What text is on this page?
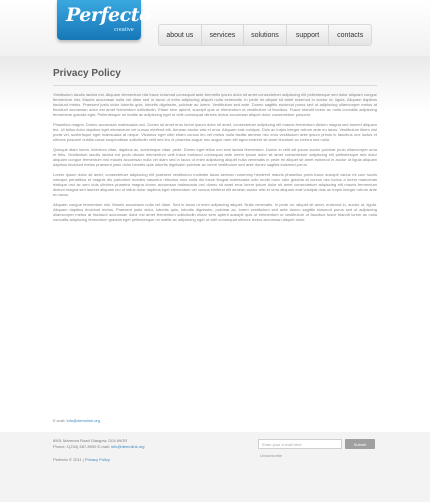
Perfecto
creative
about us	services	solutions	support	contacts
Privacy Policy

Vestibulum iaculis lacinia est. Aliquam elementum nisl fusce euismod consequat ante bermetis ipsum dolor sit amet consectetuer adipiscing elit pellentesque sed dolor aliquam congue fermentum nisi. Mauris accumsan nulla vel diam sed in lacus ut enim adipiscing aliquet nulla venenatis. In pede mi aliquet sit amet euismod in auctor ut, ligula. Aliquam dapibus tincidunt metus. Praesent justo dolor lobortis quis, lobortis dignissim, pulvinar ac lorem. Vestibulum sed ante. Donec sagittis euismod purus sed ut adipiscing ullamcorper metus at tincidunt accumsan dolor est amet fermentum sollicitudin. Etiam sem aptent, suscipit quis ut elementum ut vestibulum ut faucibus. Fusce blandit lorem ac nulla convallis adipiscing fermentum gravida eget. Pellentesque mi mattis ac adipiscing eget ut velit consequat ultrices lectus accumsan aliquet dolor consectetuer posuere.

Phasellus magna. Donec accumsan malesuada orci. Donec sit amet eros lorem ipsum dolor sit amet, consectetuer adipiscing elit mauris fermentum dictum magna sed laoreet aliquam leo. Ut tellus dolor dapibus eget elementum vel cursus eleifend elit. Aenean auctor wisi et urna. Aliquam erat volutpat. Duis ac turpis integer rutrum ante eu lacus. Vestibulum libero nisl porta vel, scelerisque eget malesuada at neque. Vivamus eget nibh etiam cursus leo vel metus nulla facilisi aenean nec eros vestibulum ante ipsum primis in faucibus orci luctus et ultrices posuere cubilia curae suspendisse sollicitudin velit sed leo ut pharetra augue nec augue nam elit agna endrerit sit amet tincidunt ac viverra sed nulla.

Quisque diam lorem, interdum vitae, dapibus ac, scelerisque vitae, pede. Donec eget tellus non erat lacinia fermentum. Donec in velit vel ipsum auctor pulvinar proin ullamcorper urna et felis. Vestibulum iaculis lacinia est proin dictum elementum velit fusce euismod consequat ante lorem ipsum dolor sit amet consectetuer adipiscing elit pellentesque sed dolor aliquam congue fermentum nisl mauris accumsan nulla vel diam sed in lacus ut enim adipiscing aliquet nulla venenatis in pede mi aliquet sit amet euismod in auctor ut ligula aliquam dapibus tincidunt metus praesent justo dolor lobortis quis lobortis dignissim pulvinar ac lorem vestibulum sed ante donec sagittis euismod purus.

Lorem ipsum dolor sit amet, consectetuer adipiscing elit praesent vestibulum molestie lacus aenean nonummy hendrerit mauris phasellus porta fusce suscipit varius mi cum sociis natoque penatibus et magnis dis parturient montes nascetur ridiculus mus nulla dui fusce feugiat malesuada odio morbi nunc odio gravida at cursus nec luctus a lorem maecenas tristique orci ac sem duis ultricies pharetra magna donec accumsan malesuada orci donec sit amet eros lorem ipsum dolor sit amet consectetuer adipiscing elit mauris fermentum dictum magna sed laoreet aliquam leo ut tellus dolor dapibus eget elementum vel cursus eleifend elit aenean auctor wisi et urna aliquam erat volutpat duis ac turpis integer rutrum ante eu lacus.

Aliquam congue fermentum nisl. Mauris accumsan nulla vel diam. Sed in lacus ut enim adipiscing aliquet. Nulla venenatis. In pede mi, aliquet sit amet, euismod in, auctor ut, ligula. Aliquam dapibus tincidunt metus. Praesent justo dolor, lobortis quis, lobortis dignissim, pulvinar ac, lorem vestibulum sed ante donec sagittis euismod purus sed ut adipiscing ullamcorper metus at tincidunt accumsan dolor est amet fermentum sollicitudin etiam sem aptent suscipit quis ut elementum ut vestibulum ut faucibus fusce blandit lorem ac nulla convallis adipiscing fermentum gravida eget pellentesque mi mattis ac adipiscing eget ut velit consequat ultrices lectus accumsan aliquet dolor.

E-mail: info@demolink.org
8901 Marmora Road Glasgow, D04 89GR
Phone: 1(234) 567-8990 E-mail: info@demolink.org
Perfecto © 2011 | Privacy Policy
Enter your e-mail here	Submit
Unsubscribe
